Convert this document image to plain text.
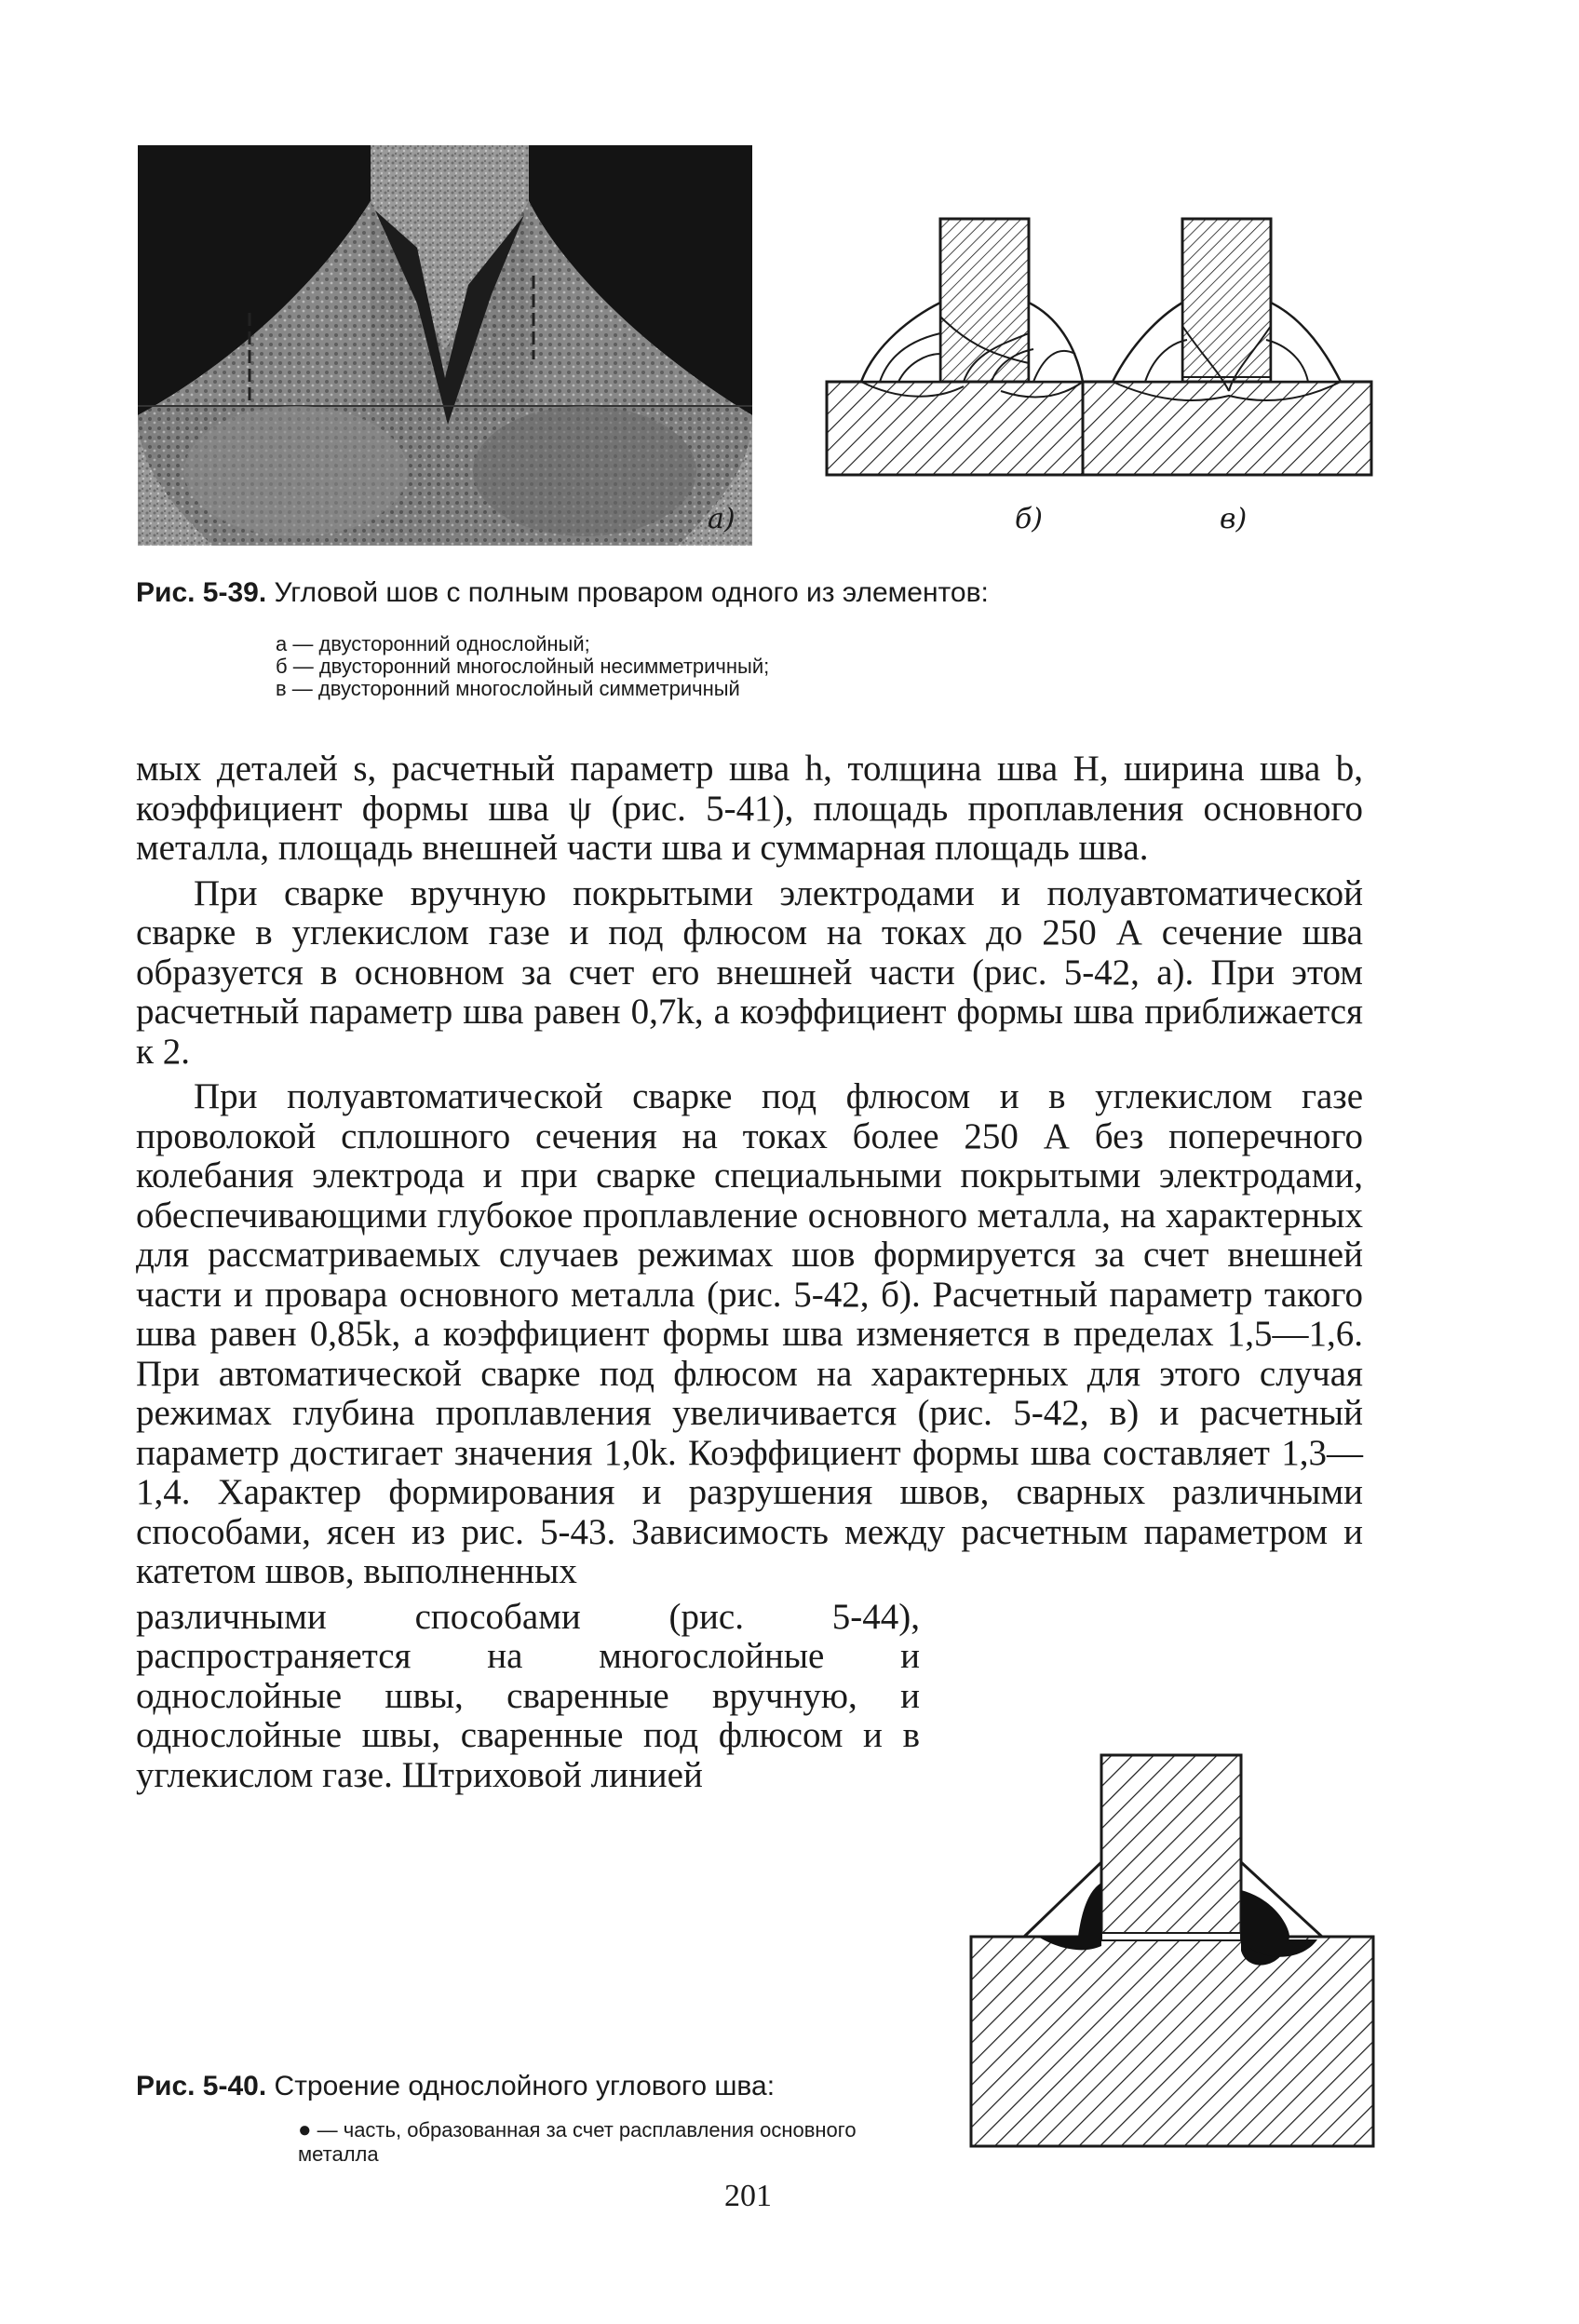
а)	б)	в)
Рис. 5-39. Угловой шов с полным проваром одного из элементов:
а — двусторонний однослойный;
б — двусторонний многослойный несимметричный;
в — двусторонний многослойный симметричный

мых деталей s, расчетный параметр шва h, толщина шва H, ширина шва b, коэффициент формы шва ψ (рис. 5-41), площадь проплавления основного металла, площадь внешней части шва и суммарная площадь шва.

При сварке вручную покрытыми электродами и полуавтоматической сварке в углекислом газе и под флюсом на токах до 250 А сечение шва образуется в основном за счет его внешней части (рис. 5-42, а). При этом расчетный параметр шва равен 0,7k, а коэффициент формы шва приближается к 2.

При полуавтоматической сварке под флюсом и в углекислом газе проволокой сплошного сечения на токах более 250 А без поперечного колебания электрода и при сварке специальными покрытыми электродами, обеспечивающими глубокое проплавление основного металла, на характерных для рассматриваемых случаев режимах шов формируется за счет внешней части и провара основного металла (рис. 5-42, б). Расчетный параметр такого шва равен 0,85k, а коэффициент формы шва изменяется в пределах 1,5—1,6. При автоматической сварке под флюсом на характерных для этого случая режимах глубина проплавления увеличивается (рис. 5-42, в) и расчетный параметр достигает значения 1,0k. Коэффициент формы шва составляет 1,3—1,4. Характер формирования и разрушения швов, сварных различными способами, ясен из рис. 5-43. Зависимость между расчетным параметром и катетом швов, выполненных

различными способами (рис. 5-44), распространяется на многослойные и однослойные швы, сваренные вручную, и однослойные швы, сваренные под флюсом и в углекислом газе. Штриховой линией

Рис. 5-40. Строение однослойного углового шва:
● — часть, образованная за счет расплавления основного металла
201
